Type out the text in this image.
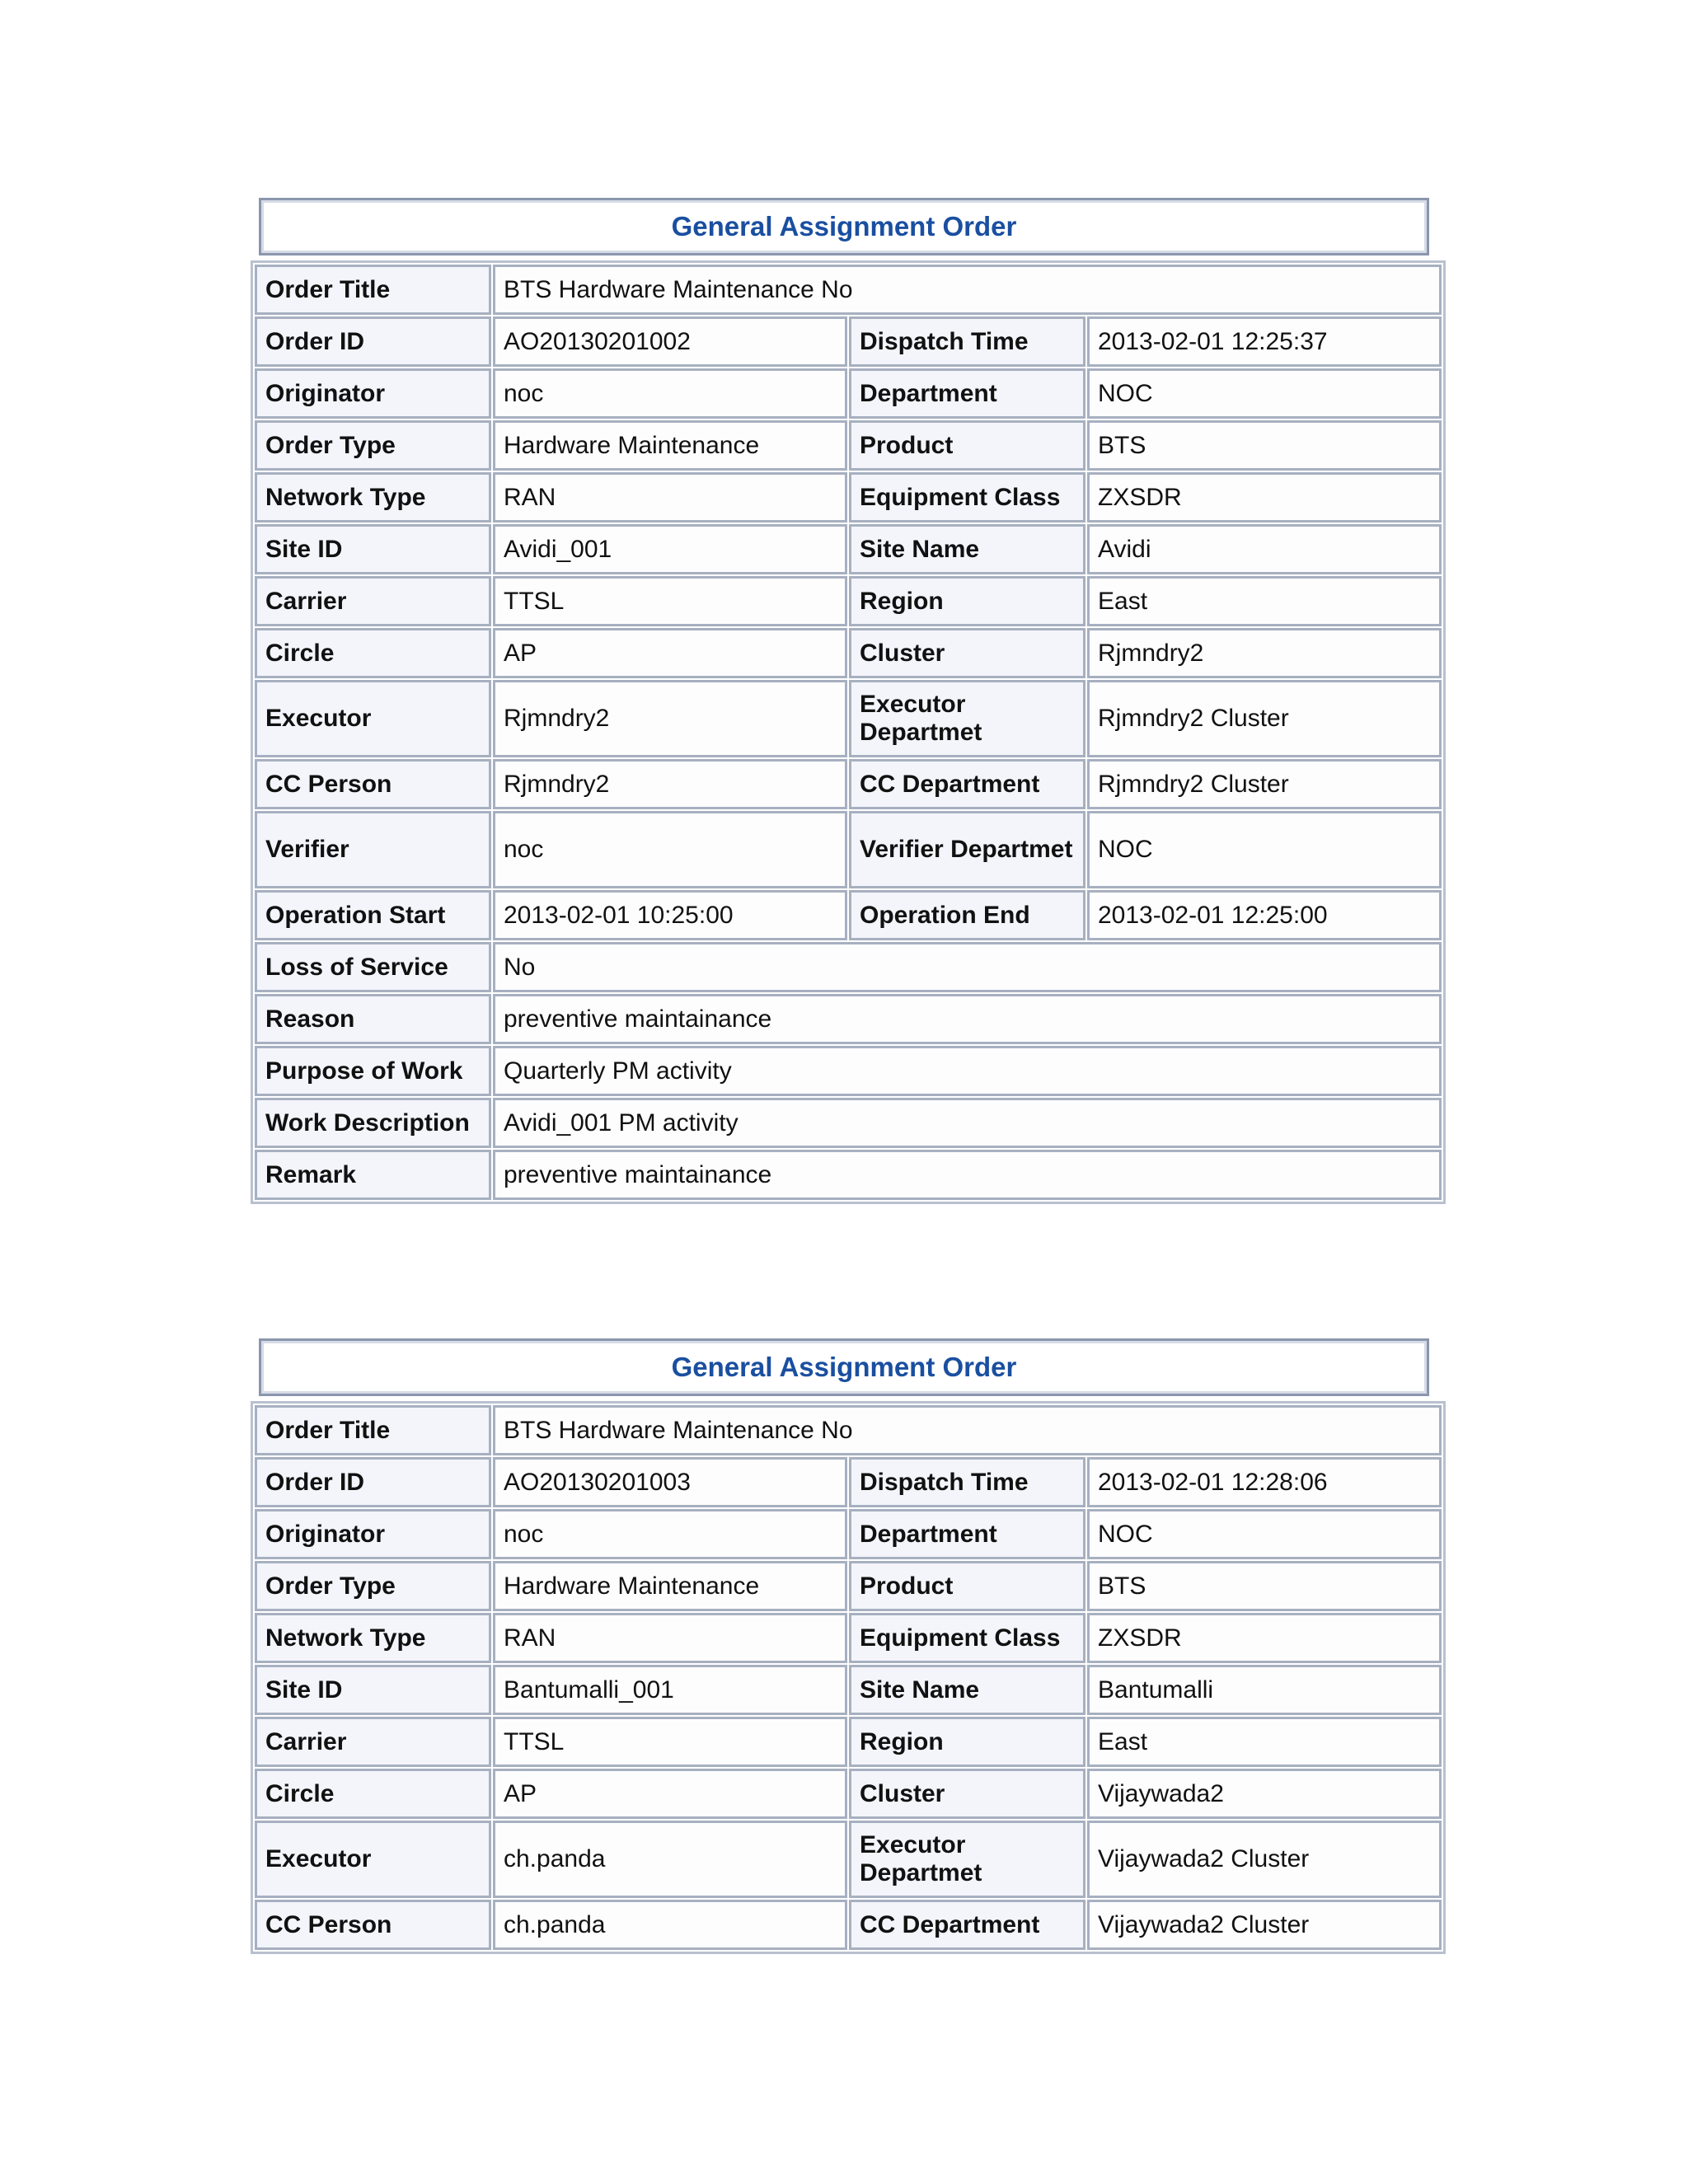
General Assignment Order
Order Title	BTS Hardware Maintenance No		
Order ID	AO20130201002	Dispatch Time	2013-02-01 12:25:37
Originator	noc	Department	NOC
Order Type	Hardware Maintenance	Product	BTS
Network Type	RAN	Equipment Class	ZXSDR
Site ID	Avidi_001	Site Name	Avidi
Carrier	TTSL	Region	East
Circle	AP	Cluster	Rjmndry2
Executor	Rjmndry2	Executor Departmet	Rjmndry2 Cluster
CC Person	Rjmndry2	CC Department	Rjmndry2 Cluster
Verifier	noc	Verifier Departmet	NOC
Operation Start	2013-02-01 10:25:00	Operation End	2013-02-01 12:25:00
Loss of Service	No		
Reason	preventive maintainance		
Purpose of Work	Quarterly PM activity		
Work Description	Avidi_001 PM activity		
Remark	preventive maintainance		
General Assignment Order
Order Title	BTS Hardware Maintenance No		
Order ID	AO20130201003	Dispatch Time	2013-02-01 12:28:06
Originator	noc	Department	NOC
Order Type	Hardware Maintenance	Product	BTS
Network Type	RAN	Equipment Class	ZXSDR
Site ID	Bantumalli_001	Site Name	Bantumalli
Carrier	TTSL	Region	East
Circle	AP	Cluster	Vijaywada2
Executor	ch.panda	Executor Departmet	Vijaywada2 Cluster
CC Person	ch.panda	CC Department	Vijaywada2 Cluster
